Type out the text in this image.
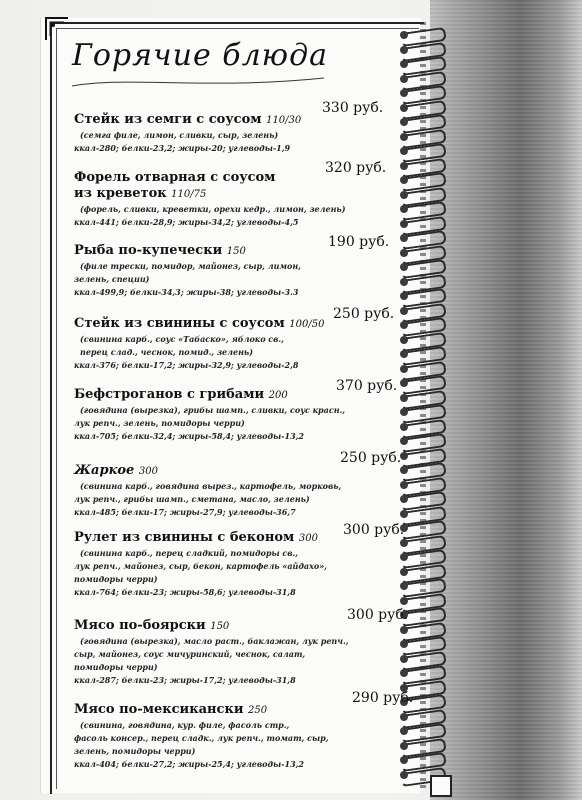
Горячие блюда
Стейк из семги с соусом 110/30
(семга филе, лимон, сливки, сыр, зелень)
ккал-280; белки-23,2; жиры-20; углеводы-1,9
330 руб.
Форель отварная с соусом
из креветок 110/75
(форель, сливки, креветки, орехи кедр., лимон, зелень)
ккал-441; белки-28,9; жиры-34,2; углеводы-4,5
320 руб.
Рыба по-купечески 150
(филе трески, помидор, майонез, сыр, лимон,
зелень, специи)
ккал-499,9; белки-34,3; жиры-38; углеводы-3.3
190 руб.
Стейк из свинины с соусом 100/50
(свинина карб., соус «Табаско», яблоко св.,
перец слад., чеснок, помид., зелень)
ккал-376; белки-17,2; жиры-32,9; углеводы-2,8
250 руб.
Бефстроганов с грибами 200
(говядина (вырезка), грибы шамп., сливки, соус красн.,
лук репч., зелень, помидоры черри)
ккал-705; белки-32,4; жиры-58,4; углеводы-13,2
370 руб.
Жаркое 300
(свинина карб., говядина вырез., картофель, морковь,
лук репч., грибы шамп., сметана, масло, зелень)
ккал-485; белки-17; жиры-27,9; углеводы-36,7
250 руб.
Рулет из свинины с беконом 300
(свинина карб., перец сладкий, помидоры св.,
лук репч., майонез, сыр, бекон, картофель «айдахо»,
помидоры черри)
ккал-764; белки-23; жиры-58,6; углеводы-31,8
300 руб.
Мясо по-боярски 150
(говядина (вырезка), масло раст., баклажан, лук репч.,
сыр, майонез, соус мичуринский, чеснок, салат,
помидоры черри)
ккал-287; белки-23; жиры-17,2; углеводы-31,8
300 руб.
Мясо по-мексикански 250
(свинина, говядина, кур. филе, фасоль стр.,
фасоль консер., перец сладк., лук репч., томат, сыр,
зелень, помидоры черри)
ккал-404; белки-27,2; жиры-25,4; углеводы-13,2
290 руб.
